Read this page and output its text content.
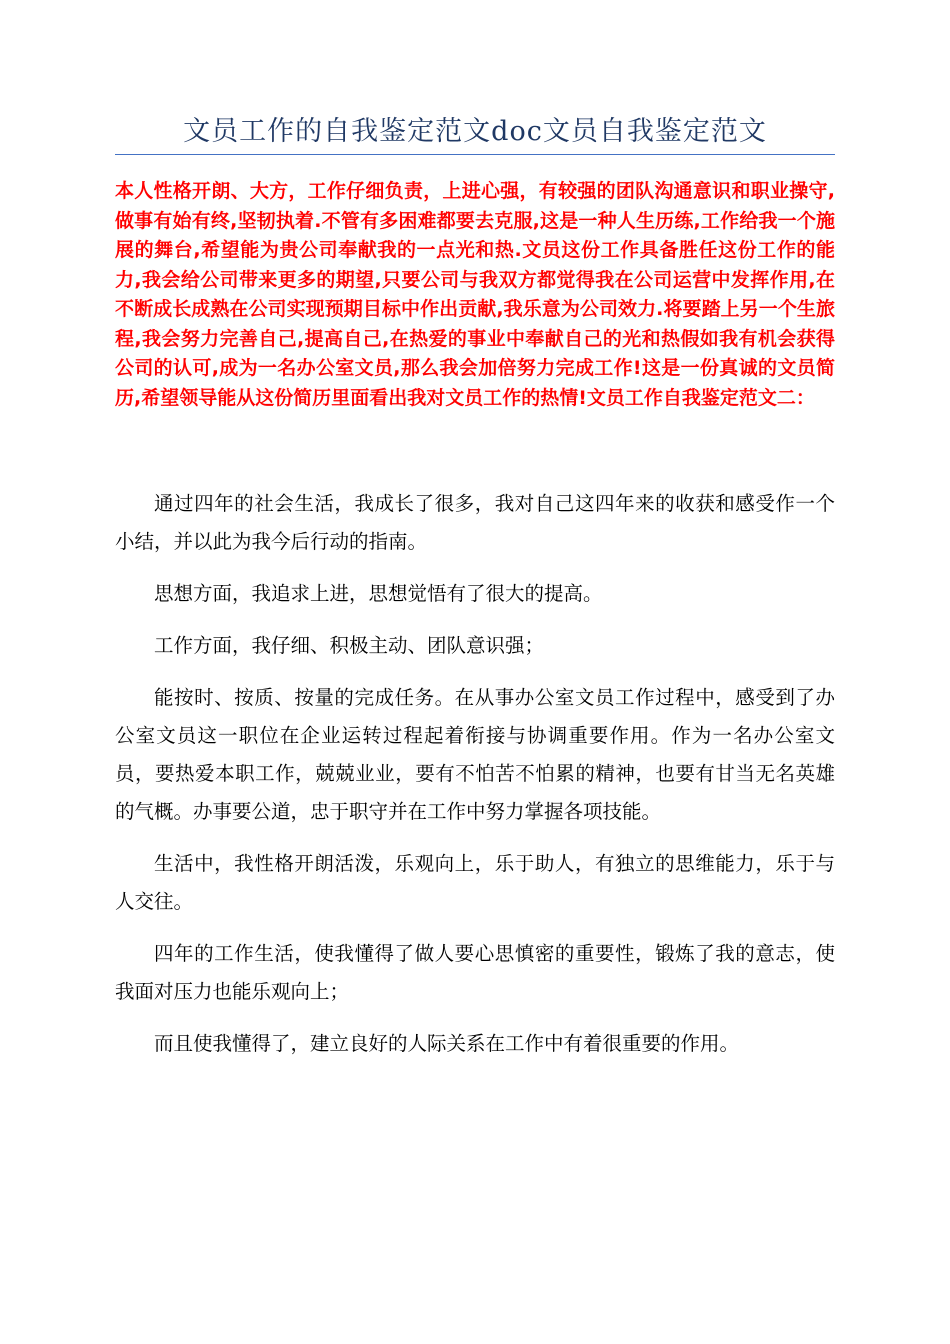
文员工作的自我鉴定范文doc文员自我鉴定范文

本人性格开朗、大方，工作仔细负责，上进心强，有较强的团队沟通意识和职业操守,做事有始有终,坚韧执着.不管有多困难都要去克服,这是一种人生历练,工作给我一个施展的舞台,希望能为贵公司奉献我的一点光和热.文员这份工作具备胜任这份工作的能力,我会给公司带来更多的期望,只要公司与我双方都觉得我在公司运营中发挥作用,在不断成长成熟在公司实现预期目标中作出贡献,我乐意为公司效力.将要踏上另一个生旅程,我会努力完善自己,提高自己,在热爱的事业中奉献自己的光和热假如我有机会获得公司的认可,成为一名办公室文员,那么我会加倍努力完成工作!这是一份真诚的文员简历,希望领导能从这份简历里面看出我对文员工作的热情!文员工作自我鉴定范文二：

通过四年的社会生活，我成长了很多，我对自己这四年来的收获和感受作一个小结，并以此为我今后行动的指南。

思想方面，我追求上进，思想觉悟有了很大的提高。

工作方面，我仔细、积极主动、团队意识强；

能按时、按质、按量的完成任务。在从事办公室文员工作过程中，感受到了办公室文员这一职位在企业运转过程起着衔接与协调重要作用。作为一名办公室文员，要热爱本职工作，兢兢业业，要有不怕苦不怕累的精神，也要有甘当无名英雄的气概。办事要公道，忠于职守并在工作中努力掌握各项技能。

生活中，我性格开朗活泼，乐观向上，乐于助人，有独立的思维能力，乐于与人交往。

四年的工作生活，使我懂得了做人要心思慎密的重要性，锻炼了我的意志，使我面对压力也能乐观向上；

而且使我懂得了，建立良好的人际关系在工作中有着很重要的作用。
